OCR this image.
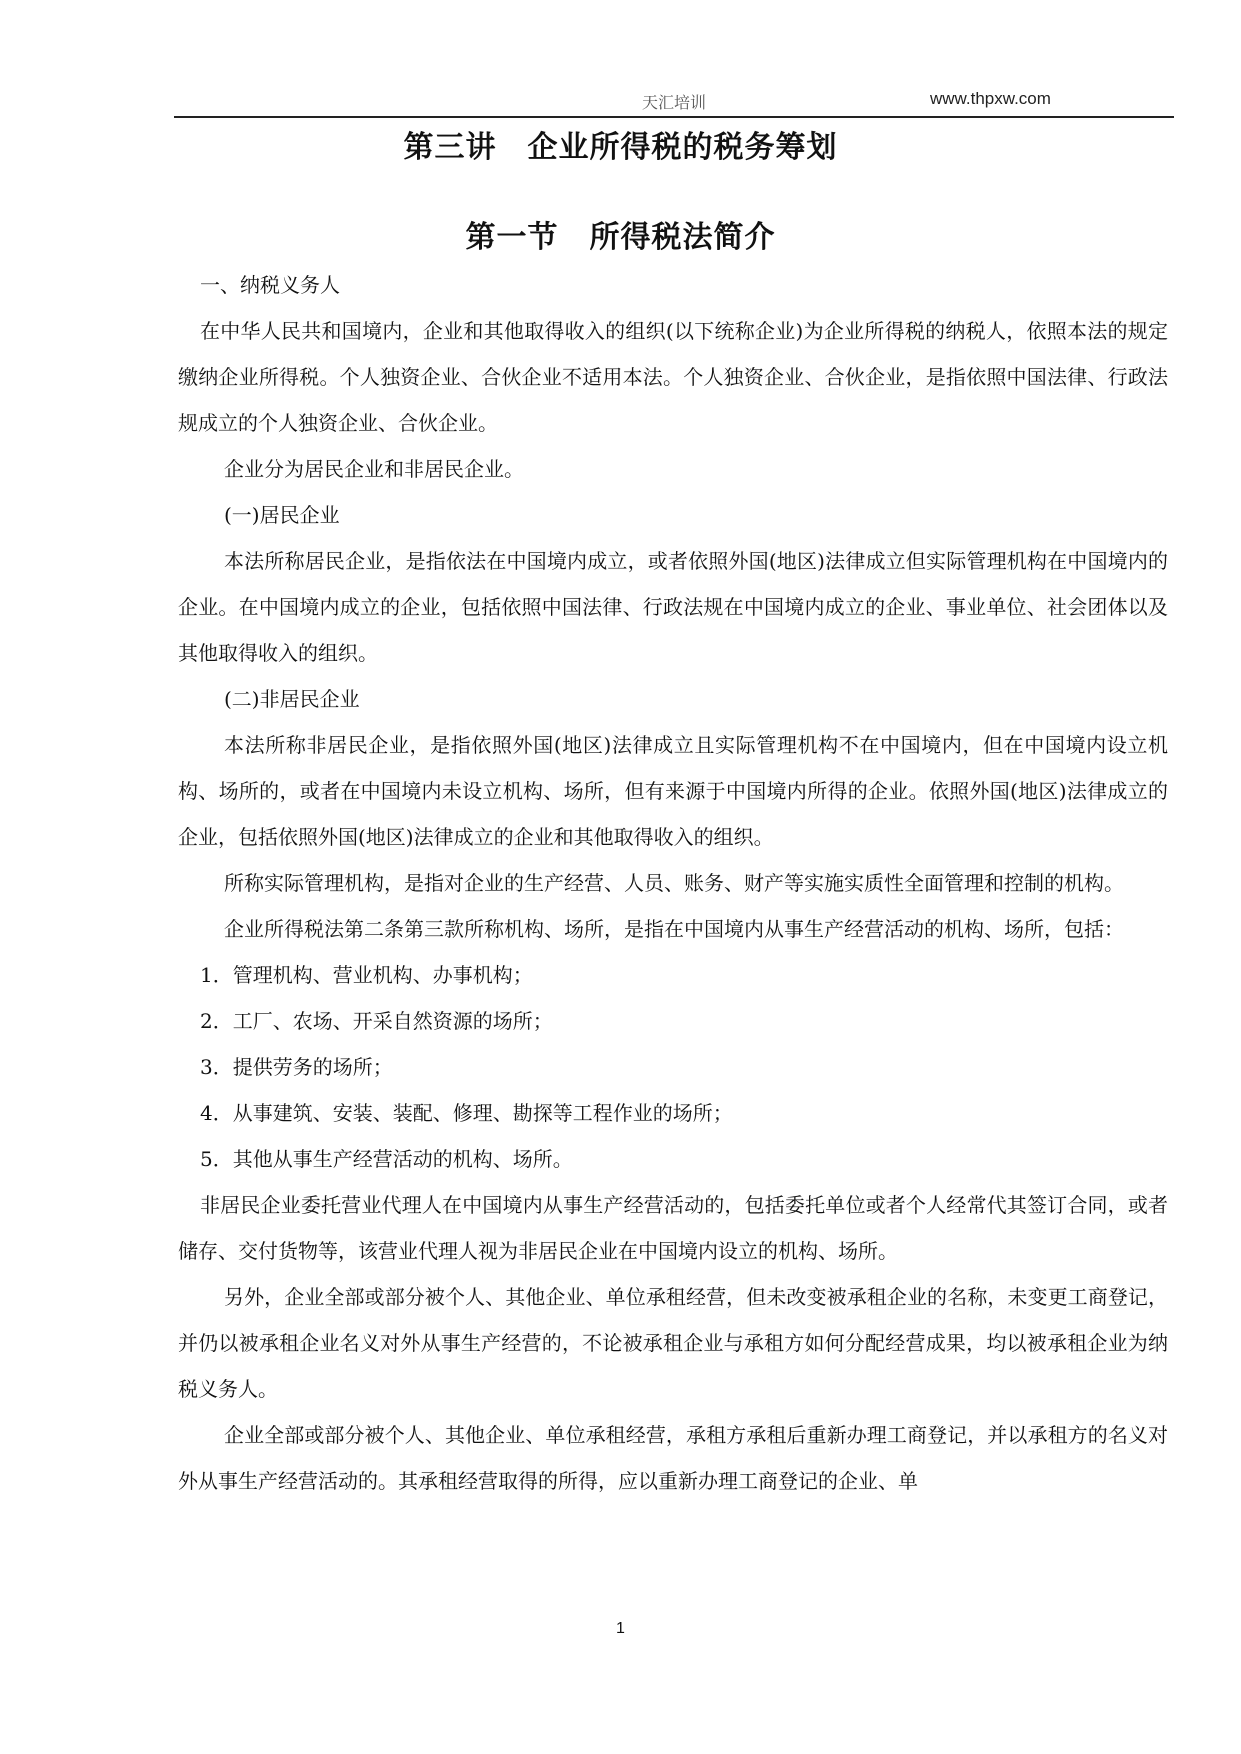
天汇培训	www.thpxw.com
第三讲　企业所得税的税务筹划
第一节　所得税法简介

一、纳税义务人

在中华人民共和国境内，企业和其他取得收入的组织(以下统称企业)为企业所得税的纳税人，依照本法的规定缴纳企业所得税。个人独资企业、合伙企业不适用本法。个人独资企业、合伙企业，是指依照中国法律、行政法规成立的个人独资企业、合伙企业。

企业分为居民企业和非居民企业。

(一)居民企业

本法所称居民企业，是指依法在中国境内成立，或者依照外国(地区)法律成立但实际管理机构在中国境内的企业。在中国境内成立的企业，包括依照中国法律、行政法规在中国境内成立的企业、事业单位、社会团体以及其他取得收入的组织。

(二)非居民企业

本法所称非居民企业，是指依照外国(地区)法律成立且实际管理机构不在中国境内，但在中国境内设立机构、场所的，或者在中国境内未设立机构、场所，但有来源于中国境内所得的企业。依照外国(地区)法律成立的企业，包括依照外国(地区)法律成立的企业和其他取得收入的组织。

所称实际管理机构，是指对企业的生产经营、人员、账务、财产等实施实质性全面管理和控制的机构。

企业所得税法第二条第三款所称机构、场所，是指在中国境内从事生产经营活动的机构、场所，包括：

1．管理机构、营业机构、办事机构；

2．工厂、农场、开采自然资源的场所；

3．提供劳务的场所；

4．从事建筑、安装、装配、修理、勘探等工程作业的场所；

5．其他从事生产经营活动的机构、场所。

非居民企业委托营业代理人在中国境内从事生产经营活动的，包括委托单位或者个人经常代其签订合同，或者储存、交付货物等，该营业代理人视为非居民企业在中国境内设立的机构、场所。

另外，企业全部或部分被个人、其他企业、单位承租经营，但未改变被承租企业的名称，未变更工商登记，并仍以被承租企业名义对外从事生产经营的，不论被承租企业与承租方如何分配经营成果，均以被承租企业为纳税义务人。

企业全部或部分被个人、其他企业、单位承租经营，承租方承租后重新办理工商登记，并以承租方的名义对外从事生产经营活动的。其承租经营取得的所得，应以重新办理工商登记的企业、单

1
